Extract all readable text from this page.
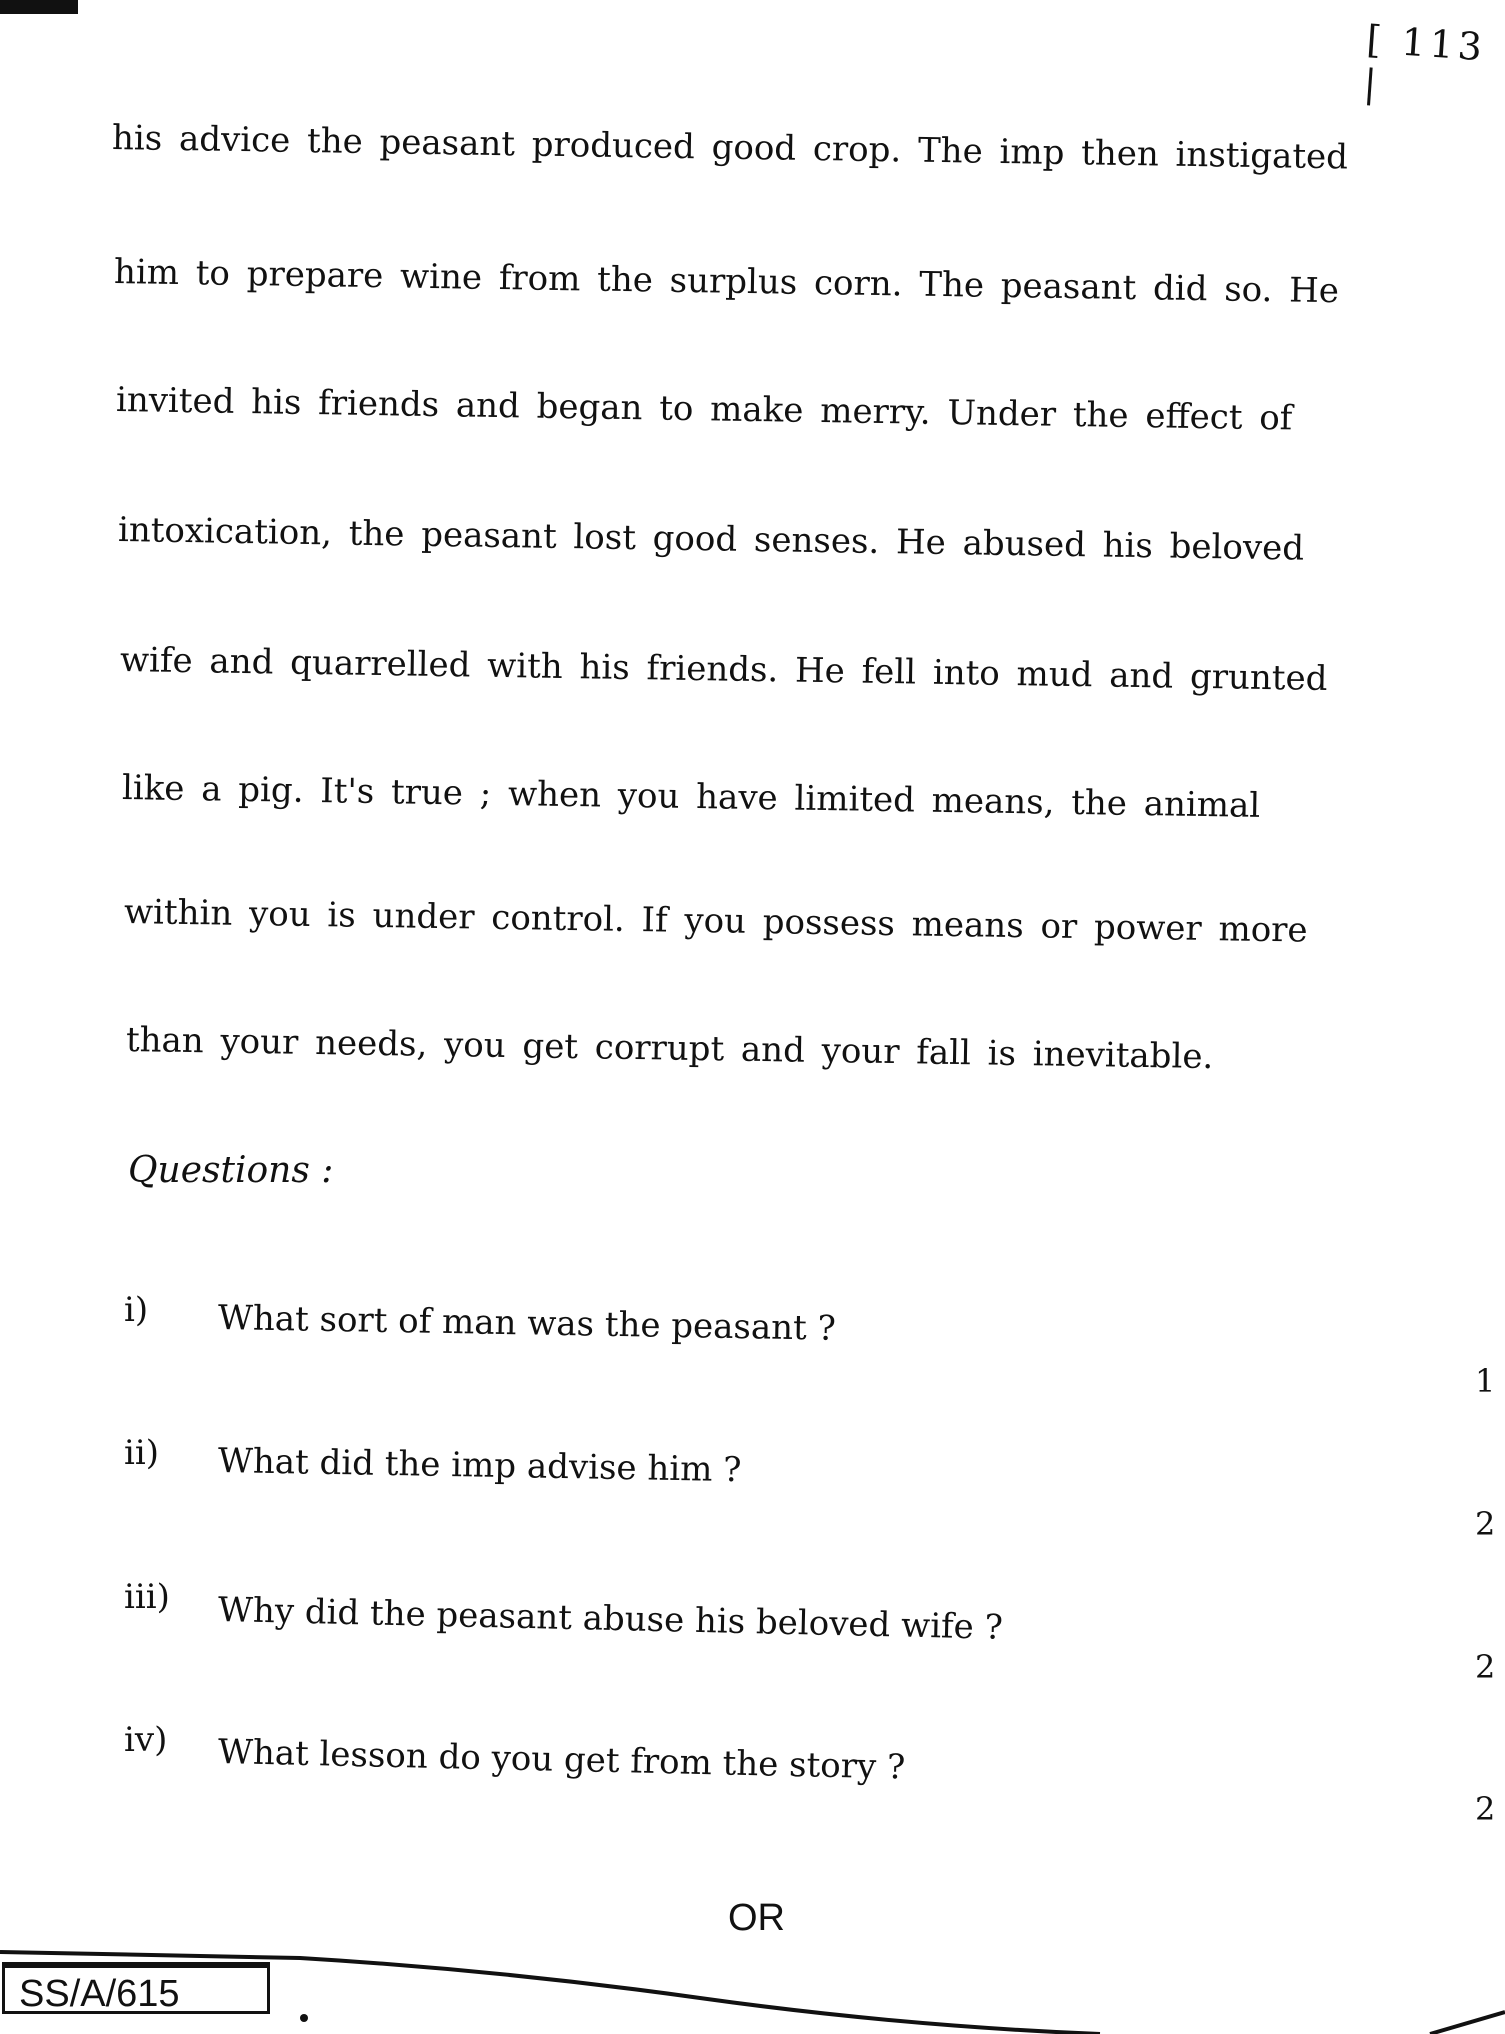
[ 113 |
his advice the peasant produced good crop. The imp then instigated
him to prepare wine from the surplus corn. The peasant did so. He
invited his friends and began to make merry. Under the effect of
intoxication, the peasant lost good senses. He abused his beloved
wife and quarrelled with his friends. He fell into mud and grunted
like a pig. It's true ; when you have limited means, the animal
within you is under control. If you possess means or power more
than your needs, you get corrupt and your fall is inevitable.
Questions :
i) What sort of man was the peasant ?
1
ii) What did the imp advise him ?
2
iii) Why did the peasant abuse his beloved wife ?
2
iv) What lesson do you get from the story ?
2
OR
SS/A/615
